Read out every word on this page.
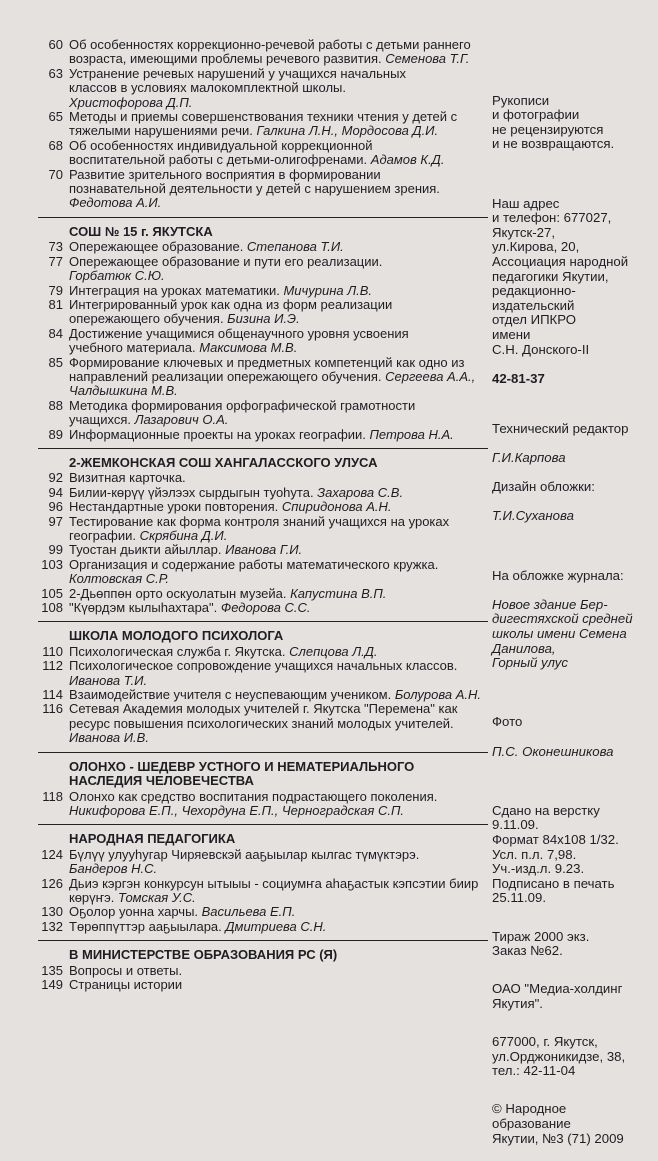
60 Об особенностях коррекционно-речевой работы с детьми раннего возраста, имеющими проблемы речевого развития. Семенова Т.Г.
63 Устранение речевых нарушений у учащихся начальных
классов в условиях малокомплектной школы.
Христофорова Д.П.
65 Методы и приемы совершенствования техники чтения у детей с тяжелыми нарушениями речи. Галкина Л.Н., Мордосова Д.И.
68 Об особенностях индивидуальной коррекционной
воспитательной работы с детьми-олигофренами. Адамов К.Д.
70 Развитие зрительного восприятия в формировании
познавательной деятельности у детей с нарушением зрения.
Федотова А.И.
СОШ № 15 г. ЯКУТСКА
73 Опережающее образование. Степанова Т.И.
77 Опережающее образование и пути его реализации.
Горбатюк С.Ю.
79 Интеграция на уроках математики. Мичурина Л.В.
81 Интегрированный урок как одна из форм реализации
опережающего обучения. Бизина И.Э.
84 Достижение учащимися общенаучного уровня усвоения
учебного материала. Максимова М.В.
85 Формирование ключевых и предметных компетенций как одно из направлений реализации опережающего обучения. Сергеева А.А., Чалдышкина М.В.
88 Методика формирования орфографической грамотности
учащихся. Лазарович О.А.
89 Информационные проекты на уроках географии. Петрова Н.А.
2-ЖЕМКОНСКАЯ СОШ ХАНГАЛАССКОГО УЛУСА
92 Визитная карточка.
94 Билии-көрүү үйэлээх сырдыгын туоһута. Захарова С.В.
96 Нестандартные уроки повторения. Спиридонова А.Н.
97 Тестирование как форма контроля знаний учащихся на уроках географии. Скрябина Д.И.
99 Туостан дьикти айыллар. Иванова Г.И.
103 Организация и содержание работы математического кружка.
Колтовская С.Р.
105 2-Дьөппөн орто оскуолатын музейа. Капустина В.П.
108 "Күөрдэм кылыһахтара". Федорова С.С.
ШКОЛА МОЛОДОГО ПСИХОЛОГА
110 Психологическая служба г. Якутска. Слепцова Л.Д.
112 Психологическое сопровождение учащихся начальных классов.
Иванова Т.И.
114 Взаимодействие учителя с неуспевающим учеником. Болурова А.Н.
116 Сетевая Академия молодых учителей г. Якутска "Перемена" как ресурс повышения психологических знаний молодых учителей.
Иванова И.В.
ОЛОНХО - ШЕДЕВР УСТНОГО И НЕМАТЕРИАЛЬНОГО
НАСЛЕДИЯ ЧЕЛОВЕЧЕСТВА
118 Олонхо как средство воспитания подрастающего поколения.
Никифорова Е.П., Чехордуна Е.П., Черноградская С.П.
НАРОДНАЯ ПЕДАГОГИКА
124 Бүлүү улууһугар Чиряевскэй ааҕыылар кылгас түмүктэрэ.
Бандеров Н.С.
126 Дьиэ кэргэн конкурсун ытыыы - социумҥа аһаҕастык кэпсэтии биир көрүҥэ. Томская У.С.
130 Оҕолор уонна харчы. Васильева Е.П.
132 Төрөппүттэр ааҕыылара. Дмитриева С.Н.
В МИНИСТЕРСТВЕ ОБРАЗОВАНИЯ РС (Я)
135 Вопросы и ответы.
149 Страницы истории

Рукописи
и фотографии
не рецензируются
и не возвращаются.

Наш адрес
и телефон: 677027,
Якутск-27,
ул.Кирова, 20,
Ассоциация народной
педагогики Якутии,
редакционно-
издательский
отдел ИПКРО
имени
С.Н. Донского-II

42-81-37

Технический редактор

Г.И.Карпова

Дизайн обложки:

Т.И.Суханова

На обложке журнала:

Новое здание Бер-
дигестяхской средней
школы имени Семена
Данилова,
Горный улус

Фото

П.С. Оконешникова

Сдано на верстку
9.11.09.
Формат 84x108 1/32.
Усл. п.л. 7,98.
Уч.-изд.л. 9.23.
Подписано в печать
25.11.09.

Тираж 2000 экз.
Заказ №62.

ОАО "Медиа-холдинг
Якутия".

677000, г. Якутск,
ул.Орджоникидзе, 38,
тел.: 42-11-04

© Народное
образование
Якутии, №3 (71) 2009
